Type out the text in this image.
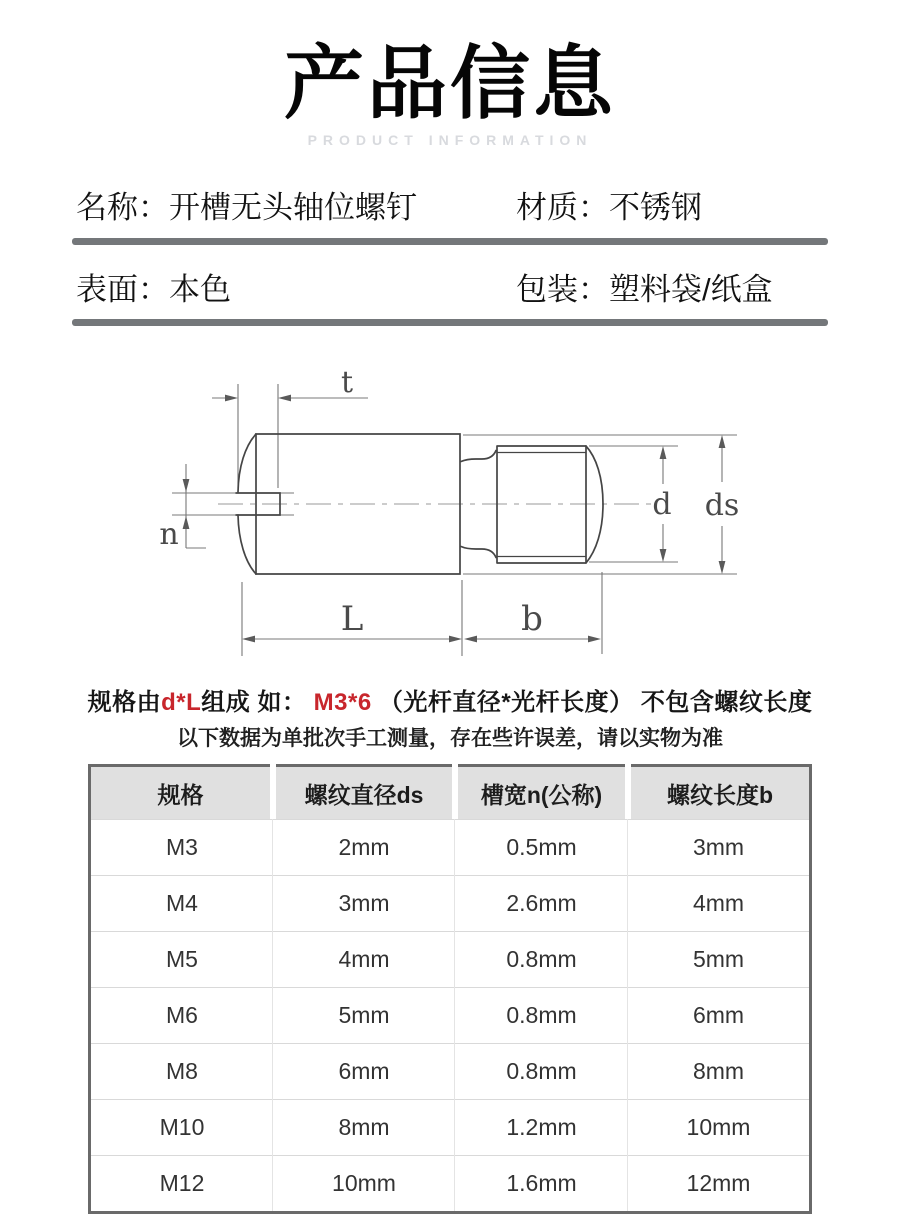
产品信息
PRODUCT INFORMATION
名称： 开槽无头轴位螺钉	材质： 不锈钢
表面： 本色	包装： 塑料袋/纸盒
t
n
d ds
L	b
规格由d*L组成 如： M3*6 （光杆直径*光杆长度） 不包含螺纹长度
以下数据为单批次手工测量，存在些许误差，请以实物为准
规格	螺纹直径ds	槽宽n(公称)	螺纹长度b
M3	2mm	0.5mm	3mm
M4	3mm	2.6mm	4mm
M5	4mm	0.8mm	5mm
M6	5mm	0.8mm	6mm
M8	6mm	0.8mm	8mm
M10	8mm	1.2mm	10mm
M12	10mm	1.6mm	12mm
